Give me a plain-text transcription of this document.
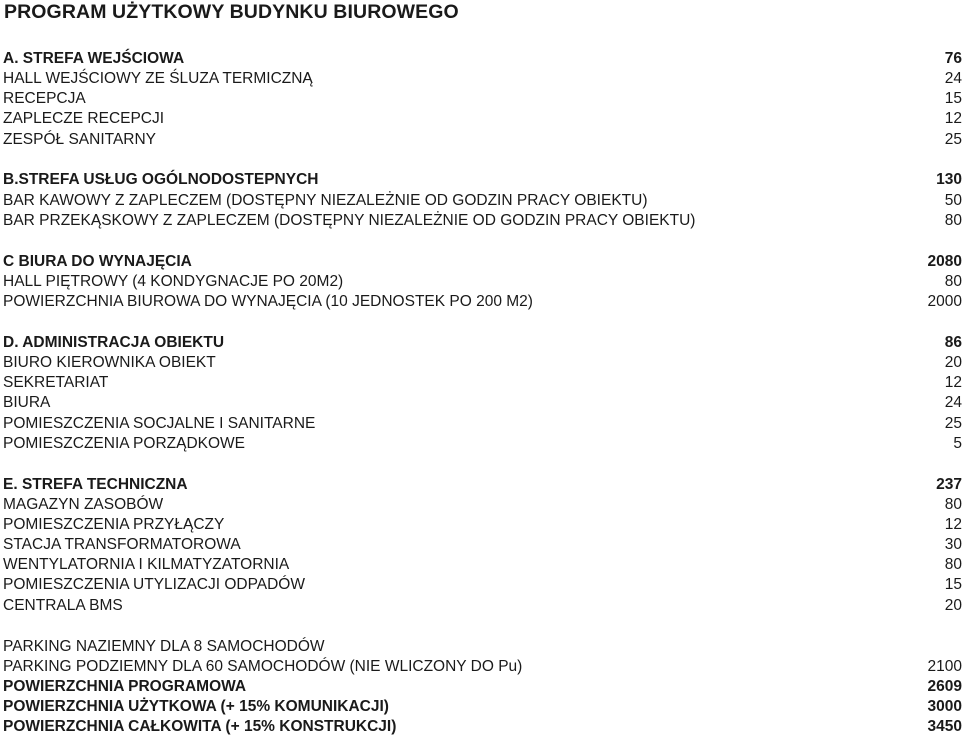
PROGRAM UŻYTKOWY BUDYNKU BIUROWEGO
A. STREFA WEJŚCIOWA	76
HALL WEJŚCIOWY ZE ŚLUZA TERMICZNĄ	24
RECEPCJA	15
ZAPLECZE RECEPCJI	12
ZESPÓŁ SANITARNY	25
B.STREFA USŁUG OGÓLNODOSTEPNYCH	130
BAR KAWOWY Z ZAPLECZEM (DOSTĘPNY NIEZALEŻNIE OD GODZIN PRACY OBIEKTU)	50
BAR PRZEKĄSKOWY Z ZAPLECZEM (DOSTĘPNY NIEZALEŻNIE OD GODZIN PRACY OBIEKTU)	80
C BIURA DO WYNAJĘCIA	2080
HALL PIĘTROWY (4 KONDYGNACJE PO 20M2)	80
POWIERZCHNIA BIUROWA DO WYNAJĘCIA (10 JEDNOSTEK PO 200 M2)	2000
D. ADMINISTRACJA OBIEKTU	86
BIURO KIEROWNIKA OBIEKT	20
SEKRETARIAT	12
BIURA	24
POMIESZCZENIA SOCJALNE I SANITARNE	25
POMIESZCZENIA PORZĄDKOWE	5
E. STREFA TECHNICZNA	237
MAGAZYN ZASOBÓW	80
POMIESZCZENIA PRZYŁĄCZY	12
STACJA TRANSFORMATOROWA	30
WENTYLATORNIA I KILMATYZATORNIA	80
POMIESZCZENIA UTYLIZACJI ODPADÓW	15
CENTRALA BMS	20
PARKING NAZIEMNY DLA 8 SAMOCHODÓW
PARKING PODZIEMNY DLA 60 SAMOCHODÓW (NIE WLICZONY DO Pu)	2100
POWIERZCHNIA PROGRAMOWA	2609
POWIERZCHNIA UŻYTKOWA (+ 15% KOMUNIKACJI)	3000
POWIERZCHNIA CAŁKOWITA (+ 15% KONSTRUKCJI)	3450
